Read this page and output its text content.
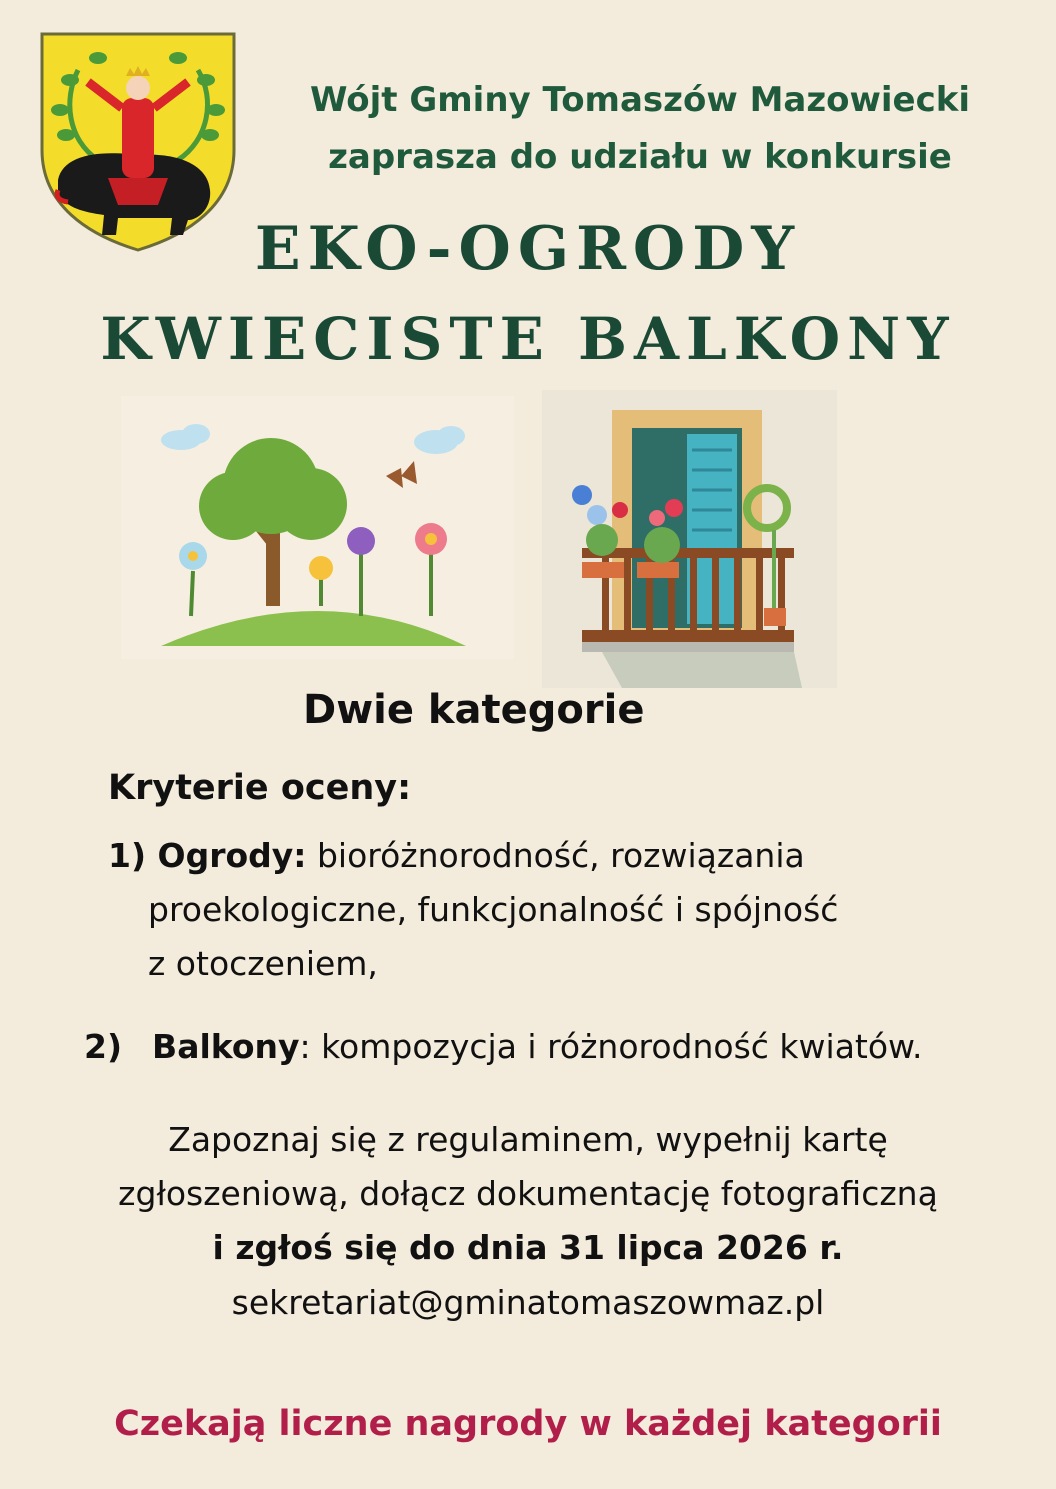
Wójt Gminy Tomaszów Mazowiecki
zaprasza do udziału w konkursie
EKO-OGRODY
KWIECISTE BALKONY
Dwie kategorie
Kryterie oceny:
1) Ogrody: bioróżnorodność, rozwiązania
proekologiczne, funkcjonalność i spójność
z otoczeniem,
2) Balkony: kompozycja i różnorodność kwiatów.
Zapoznaj się z regulaminem, wypełnij kartę
zgłoszeniową, dołącz dokumentację fotograficzną
i zgłoś się do dnia 31 lipca 2026 r.
sekretariat@gminatomaszowmaz.pl
Czekają liczne nagrody w każdej kategorii
